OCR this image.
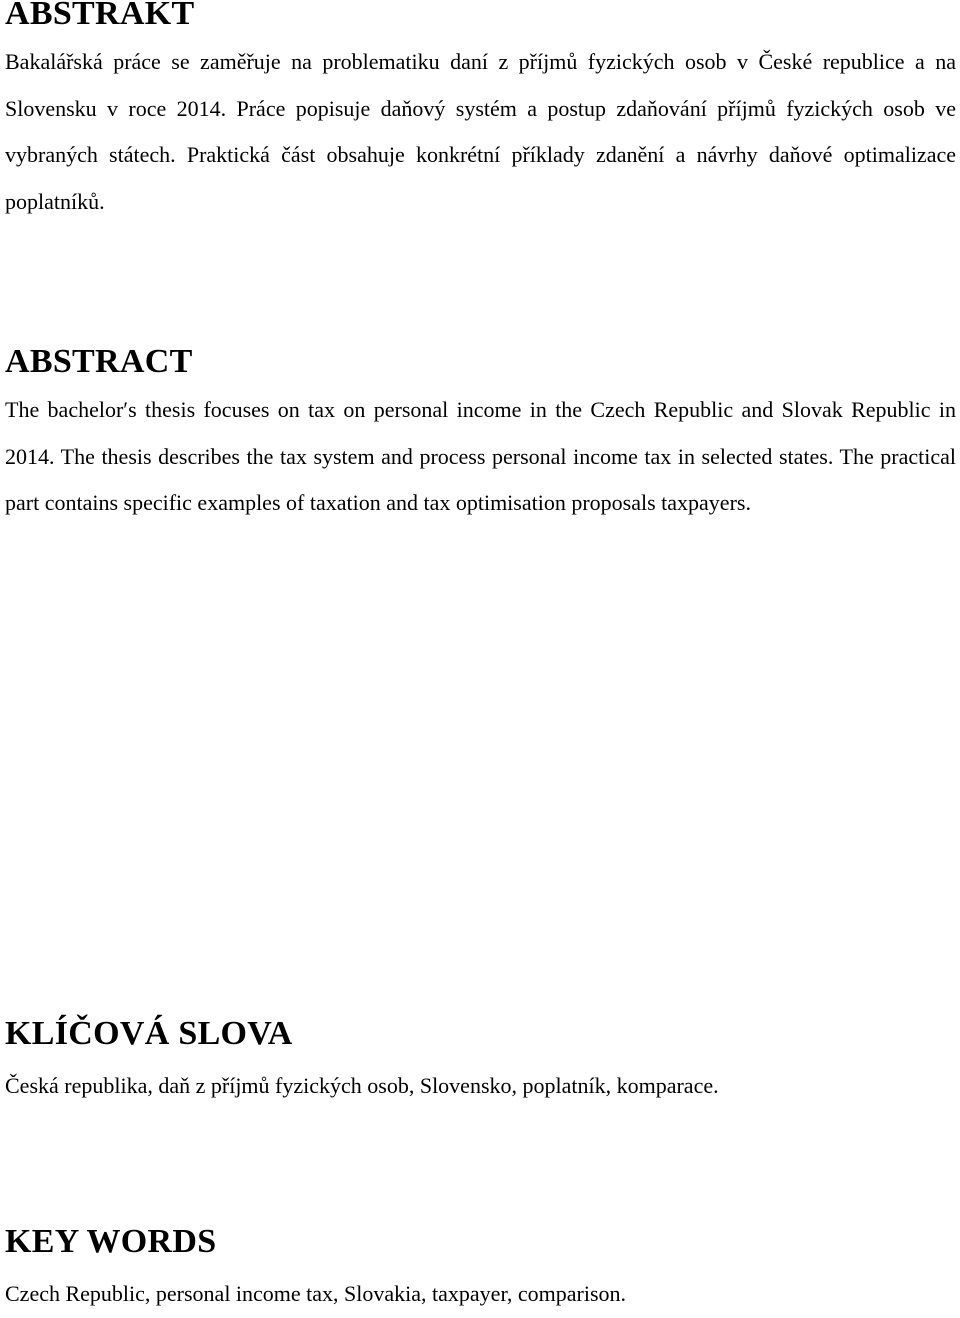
ABSTRAKT

Bakalářská práce se zaměřuje na problematiku daní z příjmů fyzických osob v České republice a na Slovensku v roce 2014. Práce popisuje daňový systém a postup zdaňování příjmů fyzických osob ve vybraných státech. Praktická část obsahuje konkrétní příklady zdanění a návrhy daňové optimalizace poplatníků.

ABSTRACT

The bachelor′s thesis focuses on tax on personal income in the Czech Republic and Slovak Republic in 2014. The thesis describes the tax system and process personal income tax in selected states. The practical part contains specific examples of taxation and tax optimisation proposals taxpayers.

KLÍČOVÁ SLOVA

Česká republika, daň z příjmů fyzických osob, Slovensko, poplatník, komparace.

KEY WORDS

Czech Republic, personal income tax, Slovakia, taxpayer, comparison.
